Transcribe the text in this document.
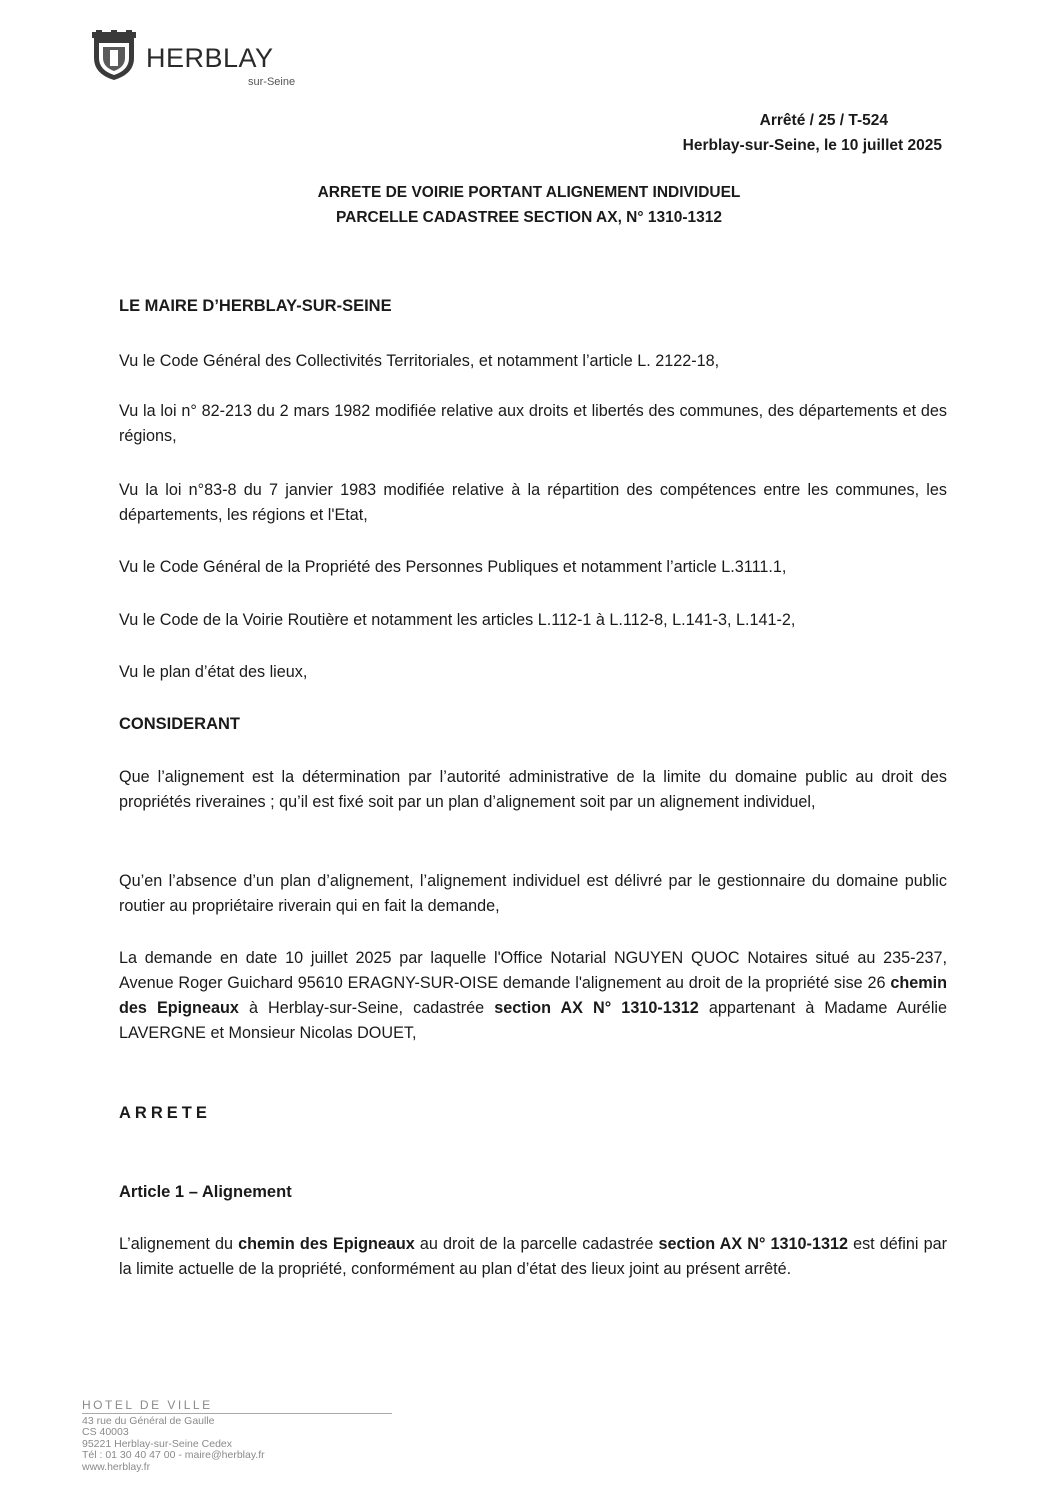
HERBLAY
sur-Seine
Arrêté / 25 / T-524
Herblay-sur-Seine, le 10 juillet 2025
ARRETE DE VOIRIE PORTANT ALIGNEMENT INDIVIDUEL
PARCELLE CADASTREE SECTION AX, N° 1310-1312

LE MAIRE D’HERBLAY-SUR-SEINE

Vu le Code Général des Collectivités Territoriales, et notamment l’article L. 2122-18,

Vu la loi n° 82-213 du 2 mars 1982 modifiée relative aux droits et libertés des communes, des départements et des régions,

Vu la loi n°83-8 du 7 janvier 1983 modifiée relative à la répartition des compétences entre les communes, les départements, les régions et l'Etat,

Vu le Code Général de la Propriété des Personnes Publiques et notamment l’article L.3111.1,

Vu le Code de la Voirie Routière et notamment les articles L.112-1 à L.112-8, L.141-3, L.141-2,

Vu le plan d’état des lieux,

CONSIDERANT

Que l’alignement est la détermination par l’autorité administrative de la limite du domaine public au droit des propriétés riveraines ; qu’il est fixé soit par un plan d’alignement soit par un alignement individuel,

Qu’en l’absence d’un plan d’alignement, l’alignement individuel est délivré par le gestionnaire du domaine public routier au propriétaire riverain qui en fait la demande,

La demande en date 10 juillet 2025 par laquelle l'Office Notarial NGUYEN QUOC Notaires situé au 235-237, Avenue Roger Guichard 95610 ERAGNY-SUR-OISE demande l'alignement au droit de la propriété sise 26 chemin des Epigneaux à Herblay-sur-Seine, cadastrée section AX N° 1310-1312 appartenant à Madame Aurélie LAVERGNE et Monsieur Nicolas DOUET,

ARRETE

Article 1 – Alignement

L’alignement du chemin des Epigneaux au droit de la parcelle cadastrée section AX N° 1310-1312 est défini par la limite actuelle de la propriété, conformément au plan d’état des lieux joint au présent arrêté.

HOTEL DE VILLE
43 rue du Général de Gaulle
CS 40003
95221 Herblay-sur-Seine Cedex
Tél : 01 30 40 47 00 - maire@herblay.fr
www.herblay.fr
